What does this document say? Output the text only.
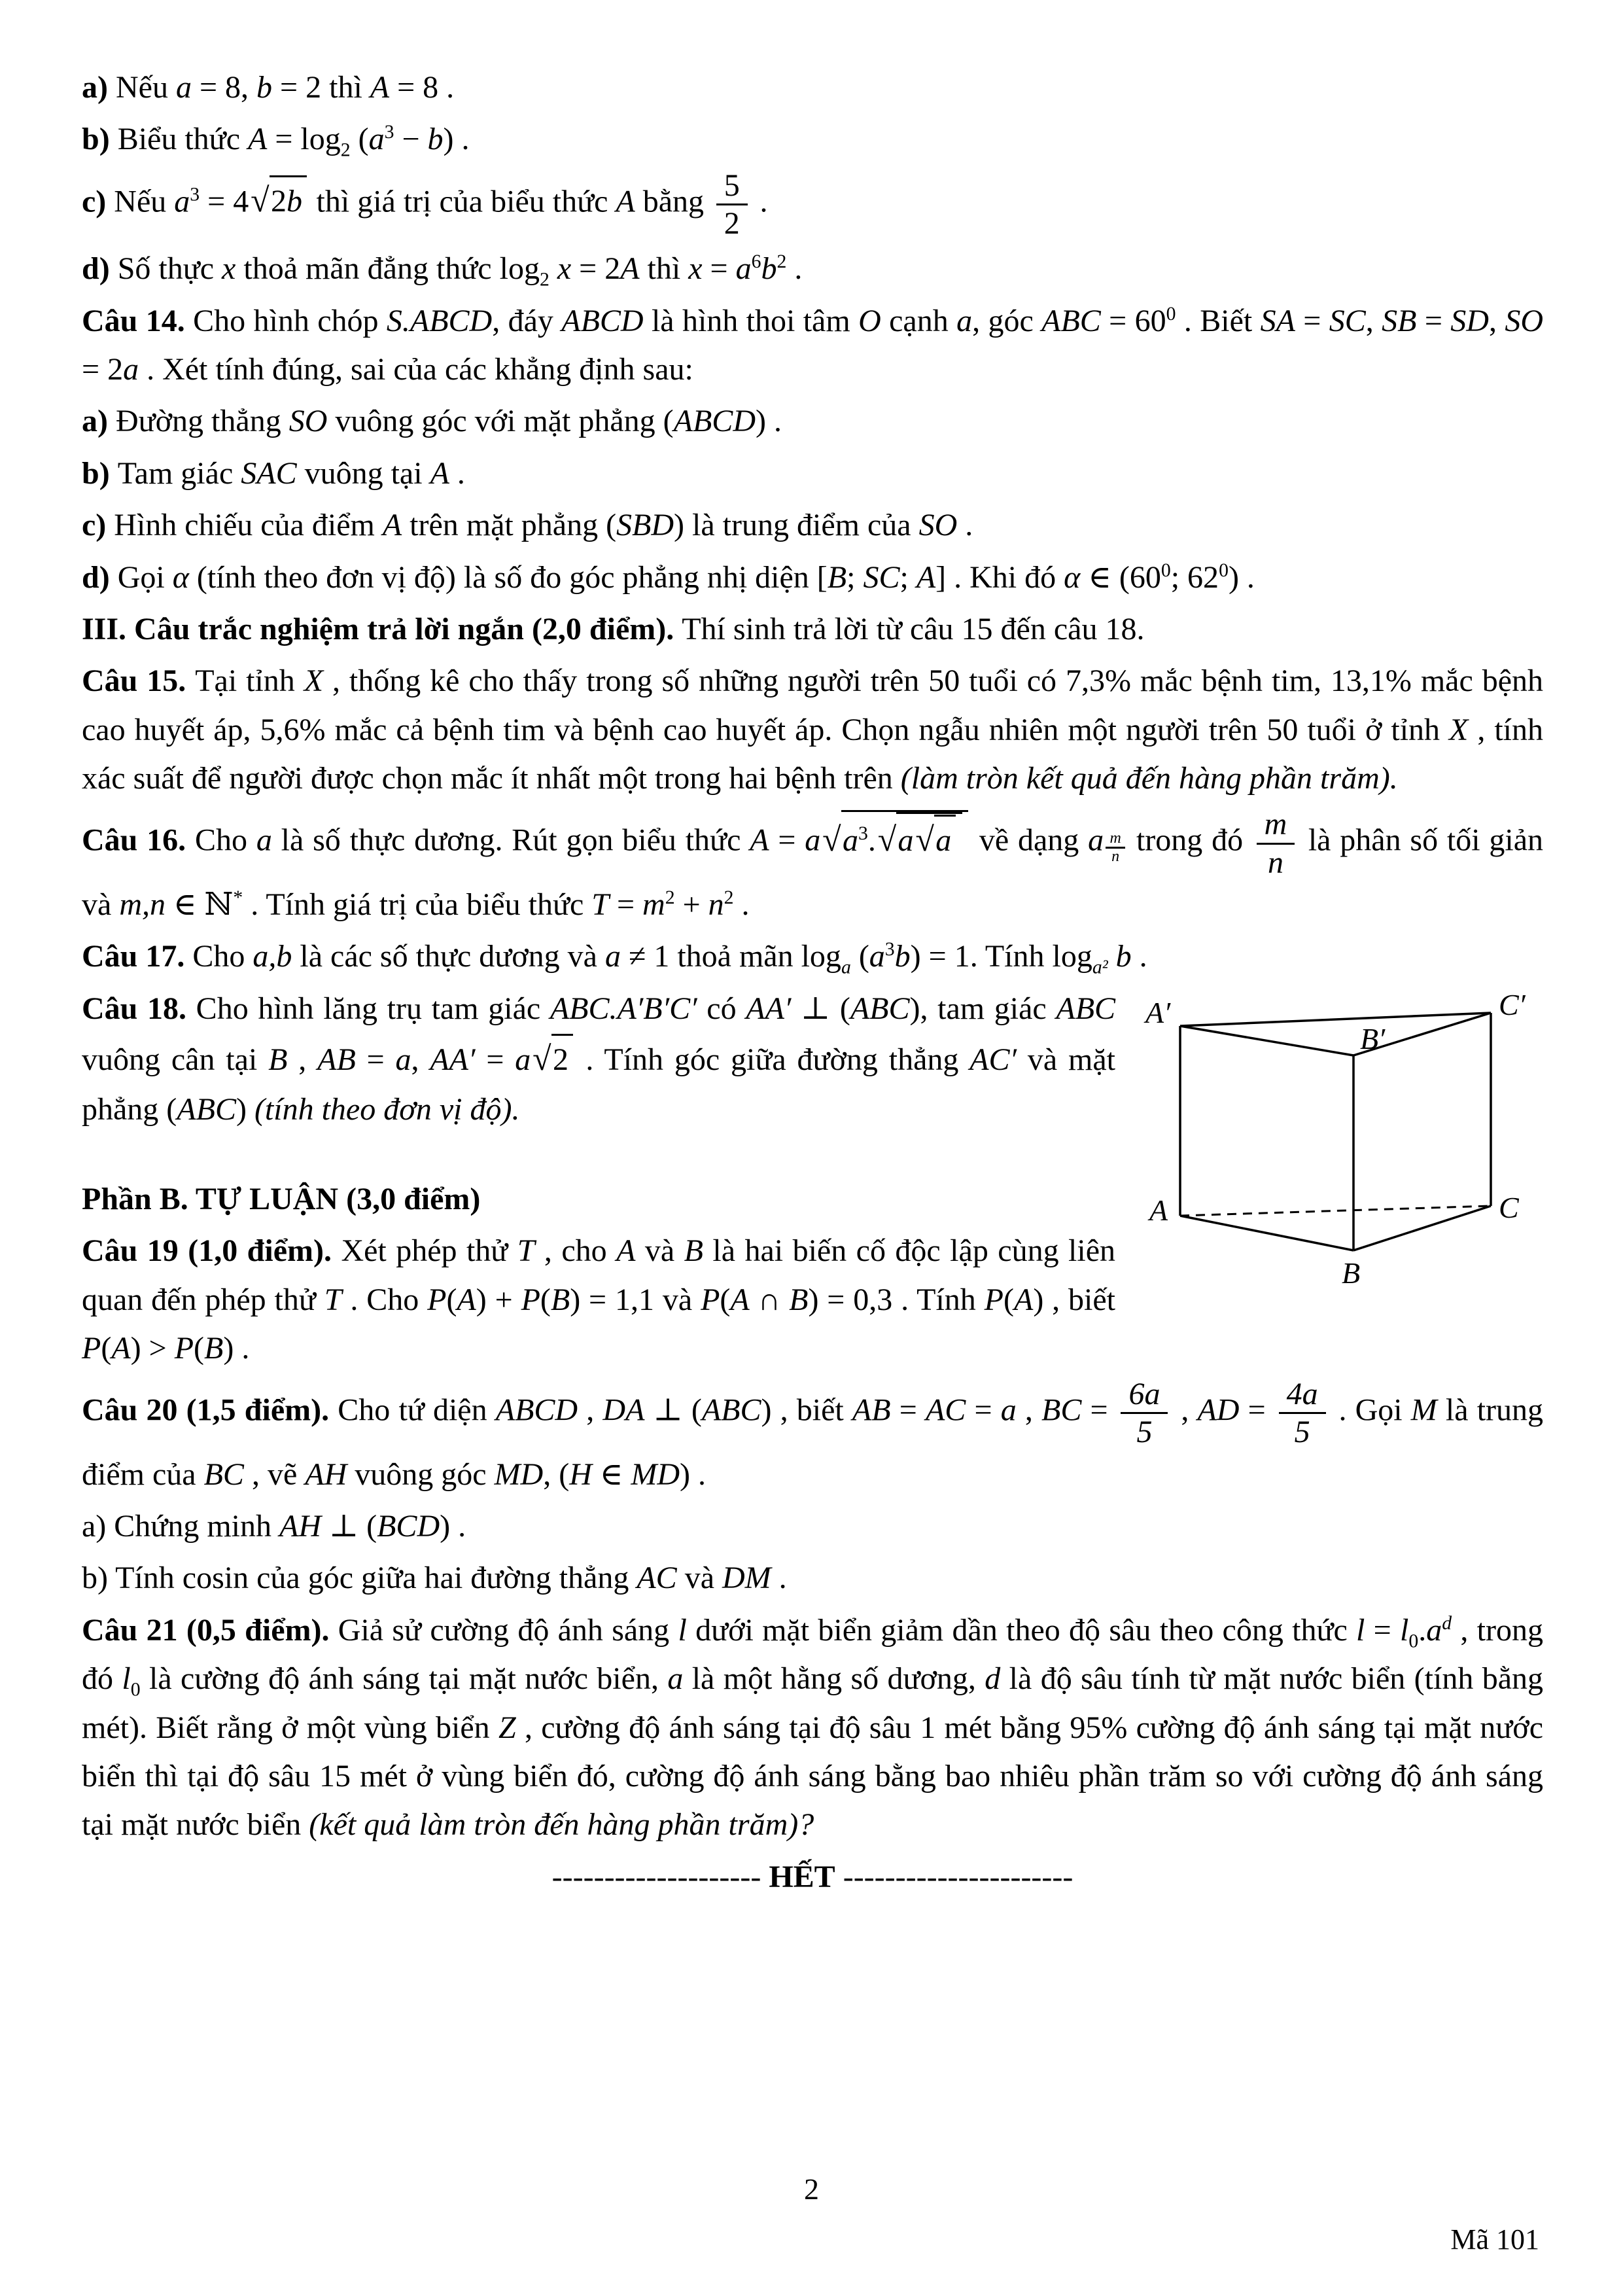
a) Nếu a = 8, b = 2 thì A = 8 .
b) Biểu thức $A = \log_2 (a^3 - b)$ .
c) Nếu $a^3 = 4$ √ 2b thì giá trị của biểu thức A bằng $\frac{5}{2}$ .
d) Số thực x thoả mãn đẳng thức $\log_2 x = 2A$ thì $x = a^6b^2$ .
Câu 14. Cho hình chóp S.ABCD, đáy ABCD là hình thoi tâm O cạnh a, góc ABC = $60^0$ . Biết SA = SC, SB = SD, SO = 2a . Xét tính đúng, sai của các khẳng định sau:
a) Đường thẳng SO vuông góc với mặt phẳng (ABCD) .
b) Tam giác SAC vuông tại A .
c) Hình chiếu của điểm A trên mặt phẳng (SBD) là trung điểm của SO .
d) Gọi α (tính theo đơn vị độ) là số đo góc phẳng nhị diện [B; SC; A] . Khi đó α ∈ ($60^0$; $62^0$) .
III. Câu trắc nghiệm trả lời ngắn (2,0 điểm). Thí sinh trả lời từ câu 15 đến câu 18.
Câu 15. Tại tỉnh X , thống kê cho thấy trong số những người trên 50 tuổi có 7,3% mắc bệnh tim, 13,1% mắc bệnh cao huyết áp, 5,6% mắc cả bệnh tim và bệnh cao huyết áp. Chọn ngẫu nhiên một người trên 50 tuổi ở tỉnh X , tính xác suất để người được chọn mắc ít nhất một trong hai bệnh trên (làm tròn kết quả đến hàng phần trăm).
Câu 16. Cho a là số thực dương. Rút gọn biểu thức A = a √ $a^3$. √ a √ a về dạng a $\frac{m}{n}$ trong đó $\frac{m}{n}$ là phân số tối giản và m,n ∈ ℕ* . Tính giá trị của biểu thức $T = m^2 + n^2$ .
Câu 17. Cho a,b là các số thực dương và a ≠ 1 thoả mãn $\log_a (a^3b) = 1$. Tính $\log_{a^2} b$ .
A′
B′
C′
A
B
C
Câu 18. Cho hình lăng trụ tam giác ABC.A′B′C′ có AA′ ⊥ (ABC), tam giác ABC vuông cân tại B , AB = a, AA′ = a √ 2 . Tính góc giữa đường thẳng AC′ và mặt phẳng (ABC) (tính theo đơn vị độ).
Phần B. TỰ LUẬN (3,0 điểm)
Câu 19 (1,0 điểm). Xét phép thử T , cho A và B là hai biến cố độc lập cùng liên quan đến phép thử T . Cho P(A) + P(B) = 1,1 và P(A ∩ B) = 0,3 . Tính P(A) , biết P(A) > P(B) .
Câu 20 (1,5 điểm). Cho tứ diện ABCD , DA ⊥ (ABC) , biết AB = AC = a , BC = $\frac{6a}{5}$ , AD = $\frac{4a}{5}$ . Gọi M là trung điểm của BC , vẽ AH vuông góc MD, (H ∈ MD) .
a) Chứng minh AH ⊥ (BCD) .
b) Tính cosin của góc giữa hai đường thẳng AC và DM .
Câu 21 (0,5 điểm). Giả sử cường độ ánh sáng l dưới mặt biển giảm dần theo độ sâu theo công thức $l = l_0.a^d$ , trong đó $l_0$ là cường độ ánh sáng tại mặt nước biển, a là một hằng số dương, d là độ sâu tính từ mặt nước biển (tính bằng mét). Biết rằng ở một vùng biển Z , cường độ ánh sáng tại độ sâu 1 mét bằng 95% cường độ ánh sáng tại mặt nước biển thì tại độ sâu 15 mét ở vùng biển đó, cường độ ánh sáng bằng bao nhiêu phần trăm so với cường độ ánh sáng tại mặt nước biển (kết quả làm tròn đến hàng phần trăm)?
-------------------- HẾT ----------------------
2
Mã 101
